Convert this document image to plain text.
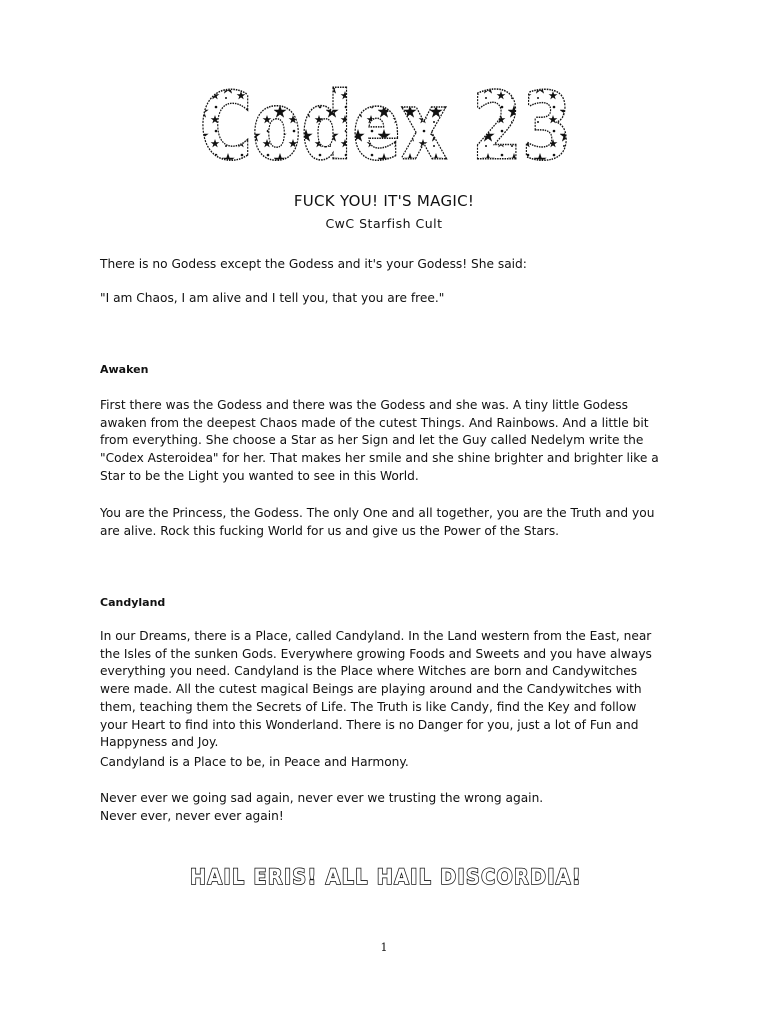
Codex 23
FUCK YOU! IT'S MAGIC!
CwC Starfish Cult

There is no Godess except the Godess and it's your Godess! She said:

"I am Chaos, I am alive and I tell you, that you are free."

Awaken

First there was the Godess and there was the Godess and she was. A tiny little Godess awaken from the deepest Chaos made of the cutest Things. And Rainbows. And a little bit from everything. She choose a Star as her Sign and let the Guy called Nedelym write the "Codex Asteroidea" for her. That makes her smile and she shine brighter and brighter like a Star to be the Light you wanted to see in this World.

You are the Princess, the Godess. The only One and all together, you are the Truth and you are alive. Rock this fucking World for us and give us the Power of the Stars.

Candyland

In our Dreams, there is a Place, called Candyland. In the Land western from the East, near the Isles of the sunken Gods. Everywhere growing Foods and Sweets and you have always everything you need. Candyland is the Place where Witches are born and Candywitches were made. All the cutest magical Beings are playing around and the Candywitches with them, teaching them the Secrets of Life. The Truth is like Candy, find the Key and follow your Heart to find into this Wonderland. There is no Danger for you, just a lot of Fun and Happyness and Joy.

Candyland is a Place to be, in Peace and Harmony.

Never ever we going sad again, never ever we trusting the wrong again.

Never ever, never ever again!

HAIL ERIS! ALL HAIL DISCORDIA!
1
